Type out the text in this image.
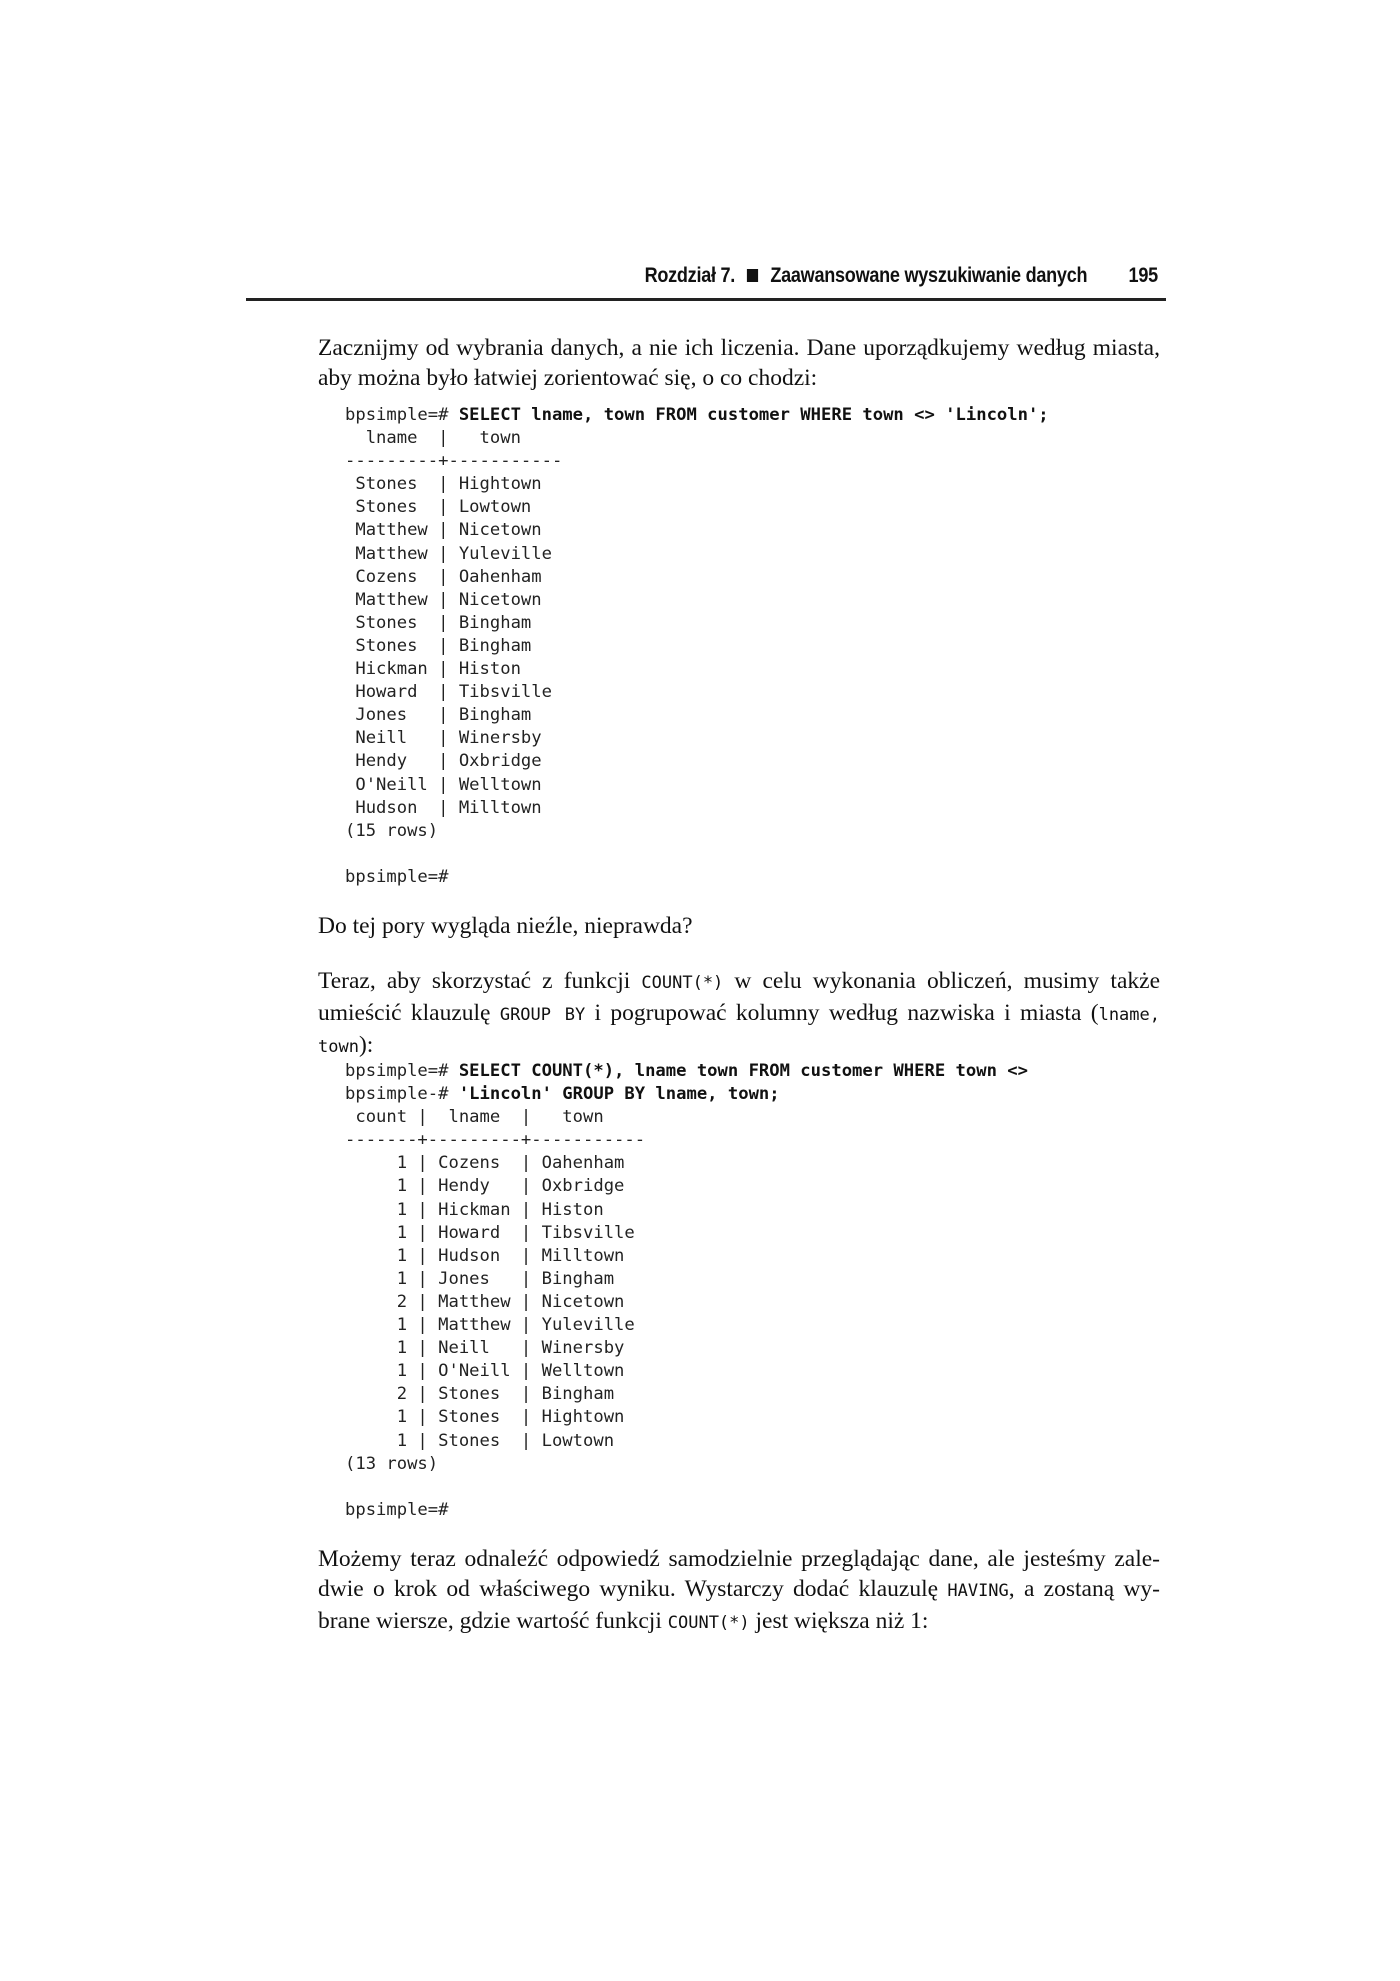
Rozdział 7. Zaawansowane wyszukiwanie danych 195

Zacznijmy od wybrania danych, a nie ich liczenia. Dane uporządkujemy według miasta, aby można było łatwiej zorientować się, o co chodzi:

bpsimple=# SELECT lname, town FROM customer WHERE town <> 'Lincoln';
lname  |   town
---------+-----------
Stones  | Hightown
Stones  | Lowtown
Matthew | Nicetown
Matthew | Yuleville
Cozens  | Oahenham
Matthew | Nicetown
Stones  | Bingham
Stones  | Bingham
Hickman | Histon
Howard  | Tibsville
Jones   | Bingham
Neill   | Winersby
Hendy   | Oxbridge
O'Neill | Welltown
Hudson  | Milltown
(15 rows)

bpsimple=#

Do tej pory wygląda nieźle, nieprawda?

Teraz, aby skorzystać z funkcji COUNT(*) w celu wykonania obliczeń, musimy także umieścić klauzulę GROUP BY i pogrupować kolumny według nazwiska i miasta (lname, town):

bpsimple=# SELECT COUNT(*), lname town FROM customer WHERE town <>
bpsimple-# 'Lincoln' GROUP BY lname, town;
count |  lname  |   town
-------+---------+-----------
1 | Cozens  | Oahenham
1 | Hendy   | Oxbridge
1 | Hickman | Histon
1 | Howard  | Tibsville
1 | Hudson  | Milltown
1 | Jones   | Bingham
2 | Matthew | Nicetown
1 | Matthew | Yuleville
1 | Neill   | Winersby
1 | O'Neill | Welltown
2 | Stones  | Bingham
1 | Stones  | Hightown
1 | Stones  | Lowtown
(13 rows)

bpsimple=#

Możemy teraz odnaleźć odpowiedź samodzielnie przeglądając dane, ale jesteśmy zale- dwie o krok od właściwego wyniku. Wystarczy dodać klauzulę HAVING, a zostaną wy- brane wiersze, gdzie wartość funkcji COUNT(*) jest większa niż 1:
